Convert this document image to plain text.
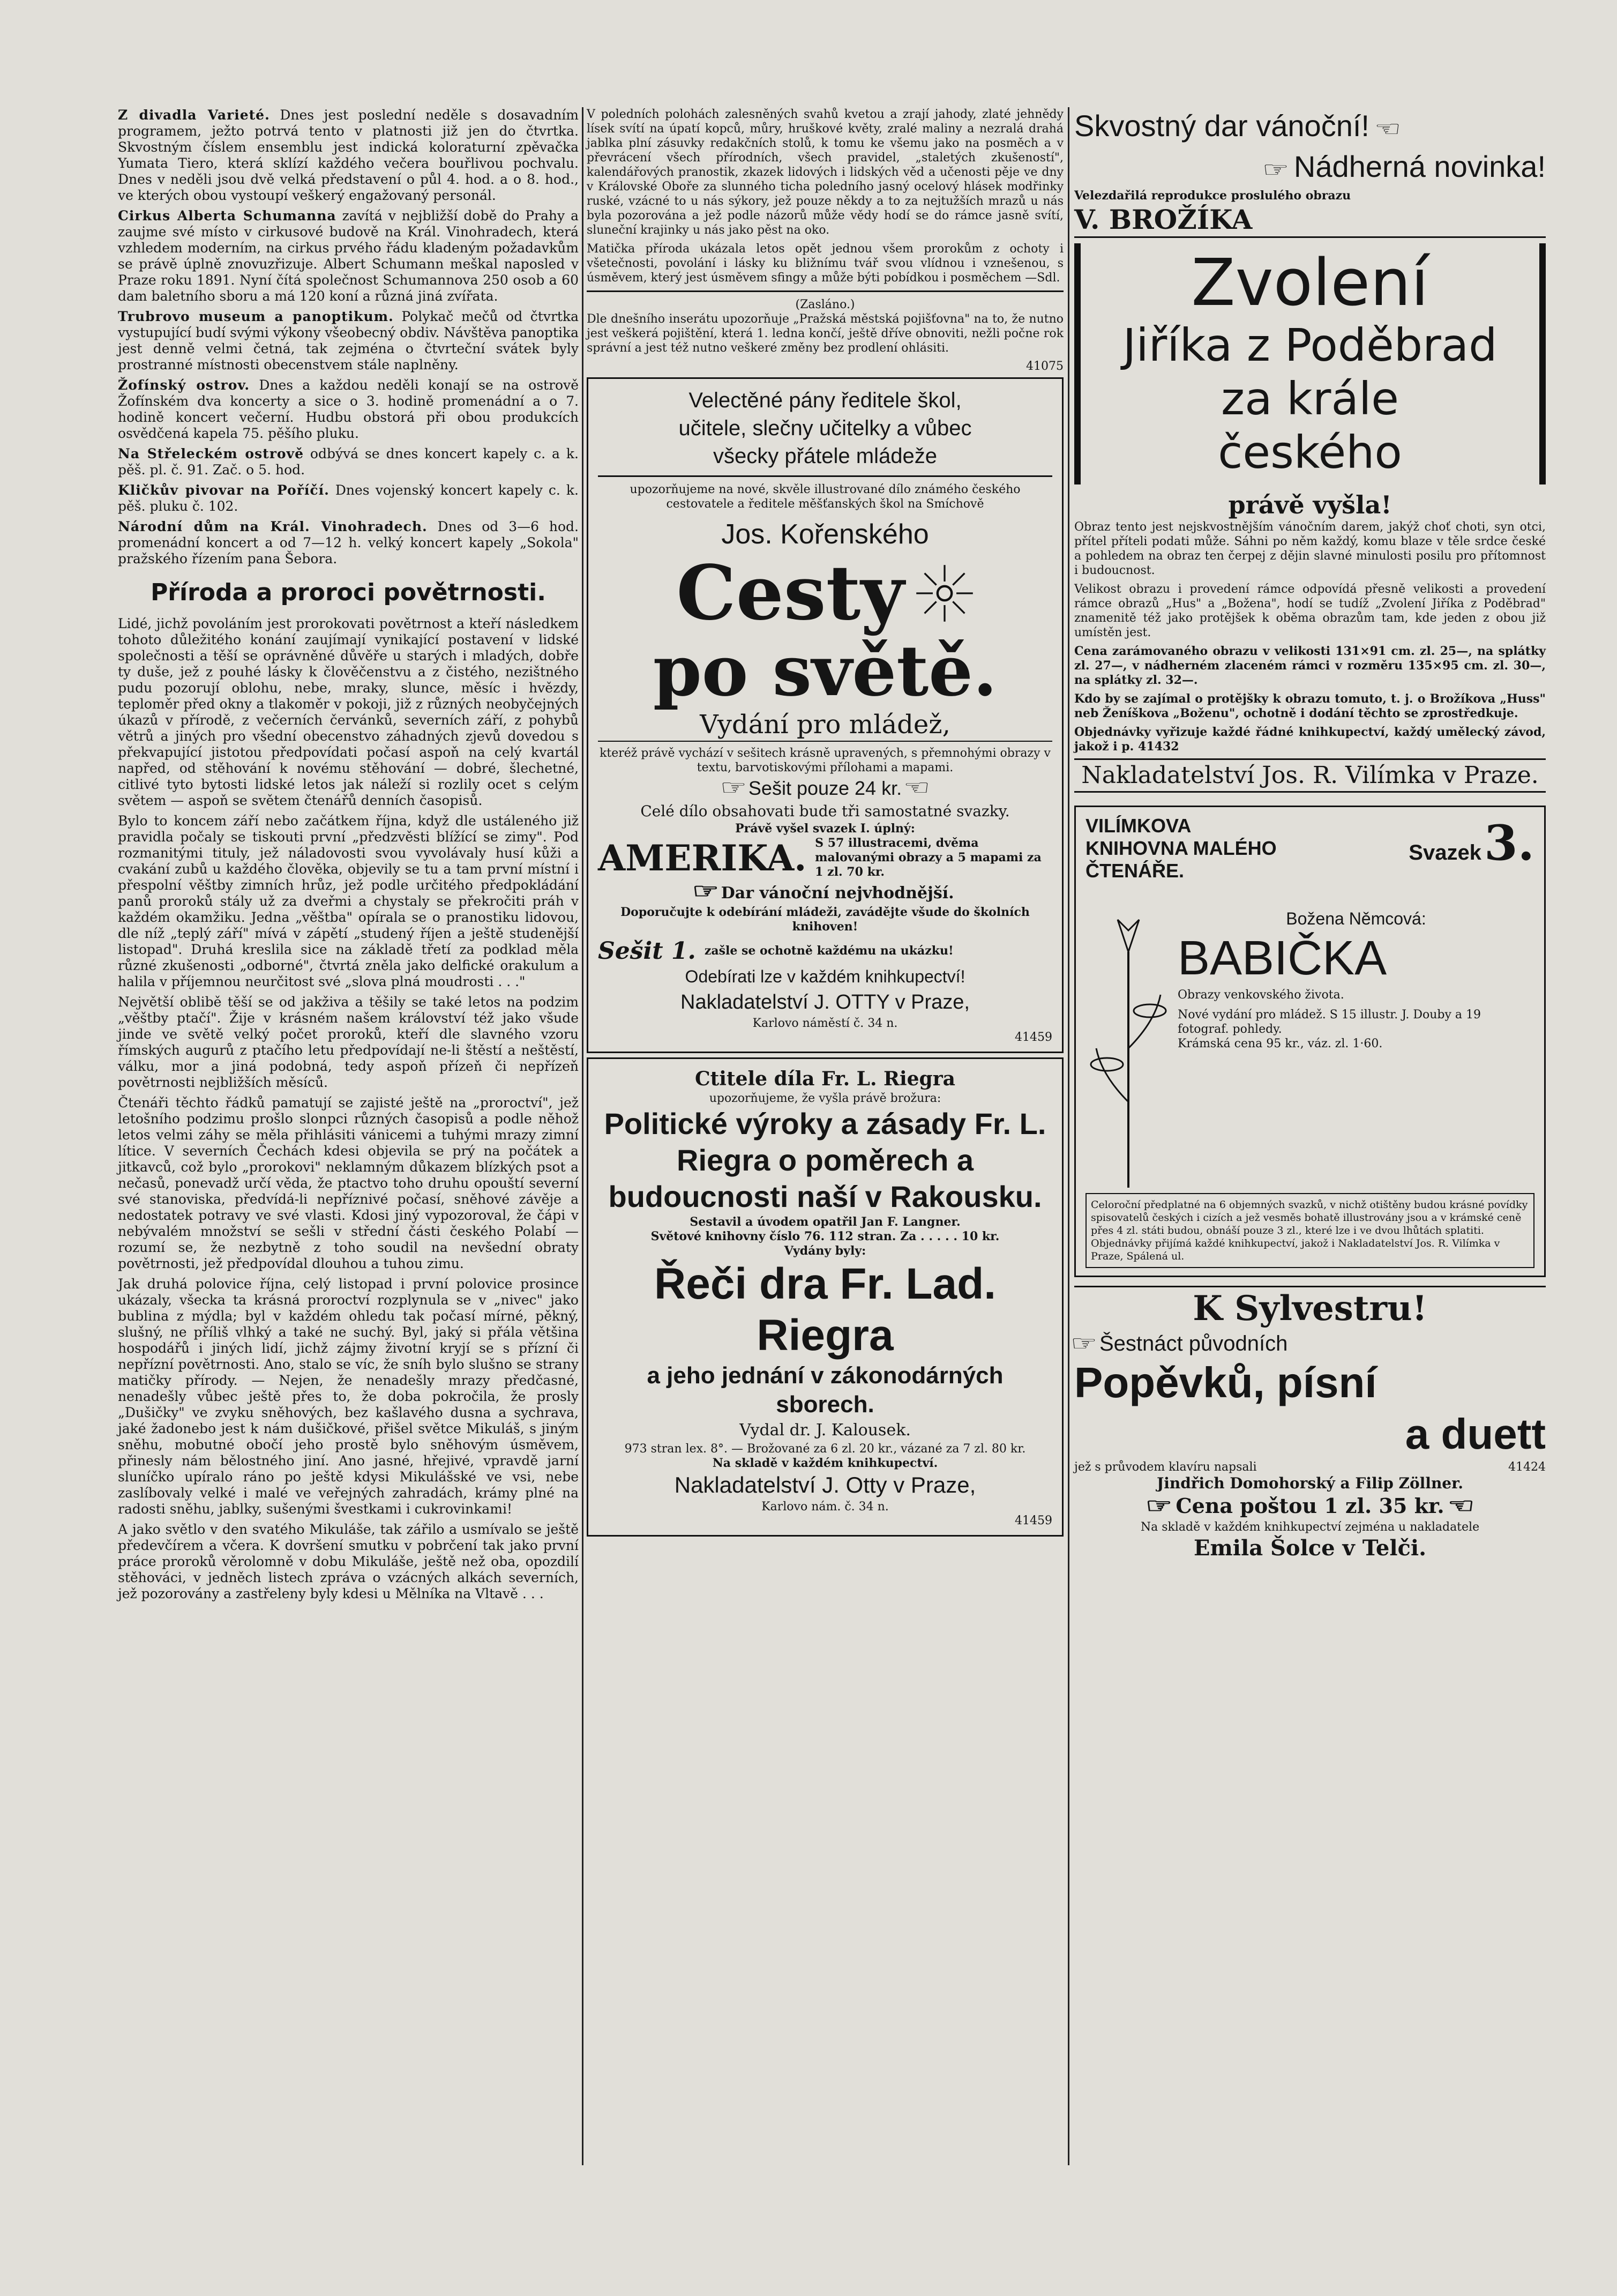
Z divadla Varieté. Dnes jest poslední neděle s dosavadním programem, ježto potrvá tento v platnosti již jen do čtvrtka. Skvostným číslem ensemblu jest indická koloraturní zpěvačka Yumata Tiero, která sklízí každého večera bouřlivou pochvalu. Dnes v neděli jsou dvě velká představení o půl 4. hod. a o 8. hod., ve kterých obou vystoupí veškerý engažovaný personál.

Cirkus Alberta Schumanna zavítá v nejbližší době do Prahy a zaujme své místo v cirkusové budově na Král. Vinohradech, která vzhledem moderním, na cirkus prvého řádu kladeným požadavkům se právě úplně znovuzřizuje. Albert Schumann meškal naposled v Praze roku 1891. Nyní čítá společnost Schumannova 250 osob a 60 dam baletního sboru a má 120 koní a různá jiná zvířata.

Trubrovo museum a panoptikum. Polykač mečů od čtvrtka vystupující budí svými výkony všeobecný obdiv. Návštěva panoptika jest denně velmi četná, tak zejména o čtvrteční svátek byly prostranné místnosti obecenstvem stále naplněny.

Žofínský ostrov. Dnes a každou neděli konají se na ostrově Žofínském dva koncerty a sice o 3. hodině promenádní a o 7. hodině koncert večerní. Hudbu obstorá při obou produkcích osvědčená kapela 75. pěšího pluku.

Na Střeleckém ostrově odbývá se dnes koncert kapely c. a k. pěš. pl. č. 91. Zač. o 5. hod.

Kličkův pivovar na Poříčí. Dnes vojenský koncert kapely c. k. pěš. pluku č. 102.

Národní dům na Král. Vinohradech. Dnes od 3—6 hod. promenádní koncert a od 7—12 h. velký koncert kapely „Sokola" pražského řízením pana Šebora.

Příroda a proroci povětrnosti.

Lidé, jichž povoláním jest prorokovati povětrnost a kteří následkem tohoto důležitého konání zaujímají vynikající postavení v lidské společnosti a těší se oprávněné důvěře u starých i mladých, dobře ty duše, jež z pouhé lásky k člověčenstvu a z čistého, nezištného pudu pozorují oblohu, nebe, mraky, slunce, měsíc i hvězdy, teploměr před okny a tlakoměr v pokoji, již z různých neobyčejných úkazů v přírodě, z večerních červánků, severních září, z pohybů větrů a jiných pro všední obecenstvo záhadných zjevů dovedou s překvapující jistotou předpovídati počasí aspoň na celý kvartál napřed, od stěhování k novému stěhování — dobré, šlechetné, citlivé tyto bytosti lidské letos jak náleží si rozlily ocet s celým světem — aspoň se světem čtenářů denních časopisů.

Bylo to koncem září nebo začátkem října, když dle ustáleného již pravidla počaly se tiskouti první „předzvěsti blížící se zimy". Pod rozmanitými tituly, jež náladovosti svou vyvolávaly husí kůži a cvakání zubů u každého člověka, objevily se tu a tam první místní i přespolní věštby zimních hrůz, jež podle určitého předpokládání panů proroků stály už za dveřmi a chystaly se překročiti práh v každém okamžiku. Jedna „věštba" opírala se o pranostiku lidovou, dle níž „teplý září" mívá v zápětí „studený říjen a ještě studenější listopad". Druhá kreslila sice na základě třetí za podklad měla různé zkušenosti „odborné", čtvrtá zněla jako delfické orakulum a halila v příjemnou neurčitost své „slova plná moudrosti . . ."

Největší oblibě těší se od jakživa a těšily se také letos na podzim „věštby ptačí". Žije v krásném našem království též jako všude jinde ve světě velký počet proroků, kteří dle slavného vzoru římských augurů z ptačího letu předpovídají ne-li štěstí a neštěstí, válku, mor a jiná podobná, tedy aspoň přízeň či nepřízeň povětrnosti nejbližších měsíců.

Čtenáři těchto řádků pamatují se zajisté ještě na „proroctví", jež letošního podzimu prošlo slonpci různých časopisů a podle něhož letos velmi záhy se měla přihlásiti vánicemi a tuhými mrazy zimní lítice. V severních Čechách kdesi objevila se prý na počátek a jitkavců, což bylo „prorokovi" neklamným důkazem blízkých psot a nečasů, ponevadž určí věda, že ptactvo toho druhu opouští severní své stanoviska, předvídá-li nepříznivé počasí, sněhové závěje a nedostatek potravy ve své vlasti. Kdosi jiný vypozoroval, že čápi v nebývalém množství se sešli v střední části českého Polabí — rozumí se, že nezbytně z toho soudil na nevšední obraty povětrnosti, jež předpovídal dlouhou a tuhou zimu.

Jak druhá polovice října, celý listopad i první polovice prosince ukázaly, všecka ta krásná proroctví rozplynula se v „nivec" jako bublina z mýdla; byl v každém ohledu tak počasí mírné, pěkný, slušný, ne příliš vlhký a také ne suchý. Byl, jaký si přála většina hospodářů i jiných lidí, jichž zájmy životní kryjí se s přízní či nepřízní povětrnosti. Ano, stalo se víc, že sníh bylo slušno se strany matičky přírody. — Nejen, že nenadešly mrazy předčasné, nenadešly vůbec ještě přes to, že doba pokročila, že prosly „Dušičky" ve zvyku sněhových, bez kašlavého dusna a sychrava, jaké žadonebo jest k nám dušičkové, přišel světce Mikuláš, s jiným sněhu, mobutné obočí jeho prostě bylo sněhovým úsměvem, přinesly nám bělostného jiní. Ano jasné, hřejivé, vpravdě jarní sluníčko upíralo ráno po ještě kdysi Mikulášské ve vsi, nebe zaslíbovaly velké i malé ve veřejných zahradách, krámy plné na radosti sněhu, jablky, sušenými švestkami i cukrovinkami!

A jako světlo v den svatého Mikuláše, tak zářilo a usmívalo se ještě předevčírem a včera. K dovršení smutku v pobrčení tak jako první práce proroků věrolomně v dobu Mikuláše, ještě než oba, opozdilí stěhováci, v jedněch listech zpráva o vzácných alkách severních, jež pozorovány a zastřeleny byly kdesi u Mělníka na Vltavě . . .

V poledních polohách zalesněných svahů kvetou a zrají jahody, zlaté jehnědy lísek svítí na úpatí kopců, můry, hruškové květy, zralé maliny a nezralá drahá jablka plní zásuvky redakčních stolů, k tomu ke všemu jako na posměch a v převrácení všech přírodních, všech pravidel, „staletých zkušeností", kalendářových pranostik, zkazek lidových i lidských věd a učenosti pěje ve dny v Královské Oboře za slunného ticha poledního jasný ocelový hlásek modřinky ruské, vzácné to u nás sýkory, jež pouze někdy a to za nejtužších mrazů u nás byla pozorována a jež podle názorů může vědy hodí se do rámce jasně svítí, sluneční krajinky u nás jako pěst na oko.

Matička příroda ukázala letos opět jednou všem prorokům z ochoty i všetečnosti, povolání i lásky ku bližnímu tvář svou vlídnou i vznešenou, s úsměvem, který jest úsměvem sfingy a může býti pobídkou i posměchem —Sdl.

(Zasláno.)

Dle dnešního inserátu upozorňuje „Pražská městská pojišťovna" na to, že nutno jest veškerá pojištění, která 1. ledna končí, ještě dříve obnoviti, nežli počne rok správní a jest též nutno veškeré změny bez prodlení ohlásiti.

41075
Velectěné pány ředitele škol,
učitele, slečny učitelky a vůbec
všecky přátele mládeže
upozorňujeme na nové, skvěle illustrované dílo známého českého cestovatele a ředitele měšťanských škol na Smíchově
Jos. Kořenského
Cesty
po světě.
Vydání pro mládež,
kteréž právě vychází v sešitech krásně upravených, s přemnohými obrazy v textu, barvotiskovými přílohami a mapami.
☞ Sešit pouze 24 kr. ☜
Celé dílo obsahovati bude tři samostatné svazky.
Právě vyšel svazek I. úplný:
AMERIKA. S 57 illustracemi, dvěma malovanými obrazy a 5 mapami za 1 zl. 70 kr.
☞ Dar vánoční nejvhodnější.
Doporučujte k odebírání mládeži, zavádějte všude do školních knihoven!
Sešit 1. zašle se ochotně každému na ukázku!
Odebírati lze v každém knihkupectví!
Nakladatelství J. OTTY v Praze,
Karlovo náměstí č. 34 n.
41459
Ctitele díla Fr. L. Riegra
upozorňujeme, že vyšla právě brožura:
Politické výroky a zásady Fr. L. Riegra o poměrech a budoucnosti naší v Rakousku.
Sestavil a úvodem opatřil Jan F. Langner.
Světové knihovny číslo 76. 112 stran. Za . . . . . 10 kr.
Vydány byly:
Řeči dra Fr. Lad. Riegra
a jeho jednání v zákonodárných sborech.
Vydal dr. J. Kalousek.
973 stran lex. 8°. — Brožované za 6 zl. 20 kr., vázané za 7 zl. 80 kr.
Na skladě v každém knihkupectví.
Nakladatelství J. Otty v Praze,
Karlovo nám. č. 34 n.
41459
Skvostný dar vánoční! ☜
☞ Nádherná novinka!
Velezdařilá reprodukce proslulého obrazu
V. BROŽÍKA
Zvolení
Jiříka z Poděbrad
za krále
českého
právě vyšla!

Obraz tento jest nejskvostnějším vánočním darem, jakýž choť choti, syn otci, přítel příteli podati může. Sáhni po něm každý, komu blaze v těle srdce české a pohledem na obraz ten čerpej z dějin slavné minulosti posilu pro přítomnost i budoucnost.

Velikost obrazu i provedení rámce odpovídá přesně velikosti a provedení rámce obrazů „Hus" a „Božena", hodí se tudíž „Zvolení Jiříka z Poděbrad" znamenitě též jako protějšek k oběma obrazům tam, kde jeden z obou již umístěn jest.

Cena zarámovaného obrazu v velikosti 131×91 cm. zl. 25—, na splátky zl. 27—, v nádherném zlaceném rámci v rozměru 135×95 cm. zl. 30—, na splátky zl. 32—.

Kdo by se zajímal o protějšky k obrazu tomuto, t. j. o Brožíkova „Huss" neb Ženíškova „Boženu", ochotně i dodání těchto se zprostředkuje.

Objednávky vyřizuje každé řádné knihkupectví, každý umělecký závod, jakož i p. 41432

Nakladatelství Jos. R. Vilímka v Praze.
VILÍMKOVA KNIHOVNA MALÉHO ČTENÁŘE.
Svazek 3.
Božena Němcová:
BABIČKA
Obrazy venkovského života.
Nové vydání pro mládež. S 15 illustr. J. Douby a 19 fotograf. pohledy.
Krámská cena 95 kr., váz. zl. 1·60.
Celoroční předplatné na 6 objemných svazků, v nichž otištěny budou krásné povídky spisovatelů českých i cizích a jež vesměs bohatě illustrovány jsou a v krámské ceně přes 4 zl. státi budou, obnáší pouze 3 zl., které lze i ve dvou lhůtách splatiti. Objednávky přijímá každé knihkupectví, jakož i Nakladatelství Jos. R. Vilímka v Praze, Spálená ul.
K Sylvestru!
☞ Šestnáct původních
Popěvků, písní
a duett
jež s průvodem klavíru napsali	41424
Jindřich Domohorský a Filip Zöllner.
☞ Cena poštou 1 zl. 35 kr. ☜
Na skladě v každém knihkupectví zejména u nakladatele
Emila Šolce v Telči.
